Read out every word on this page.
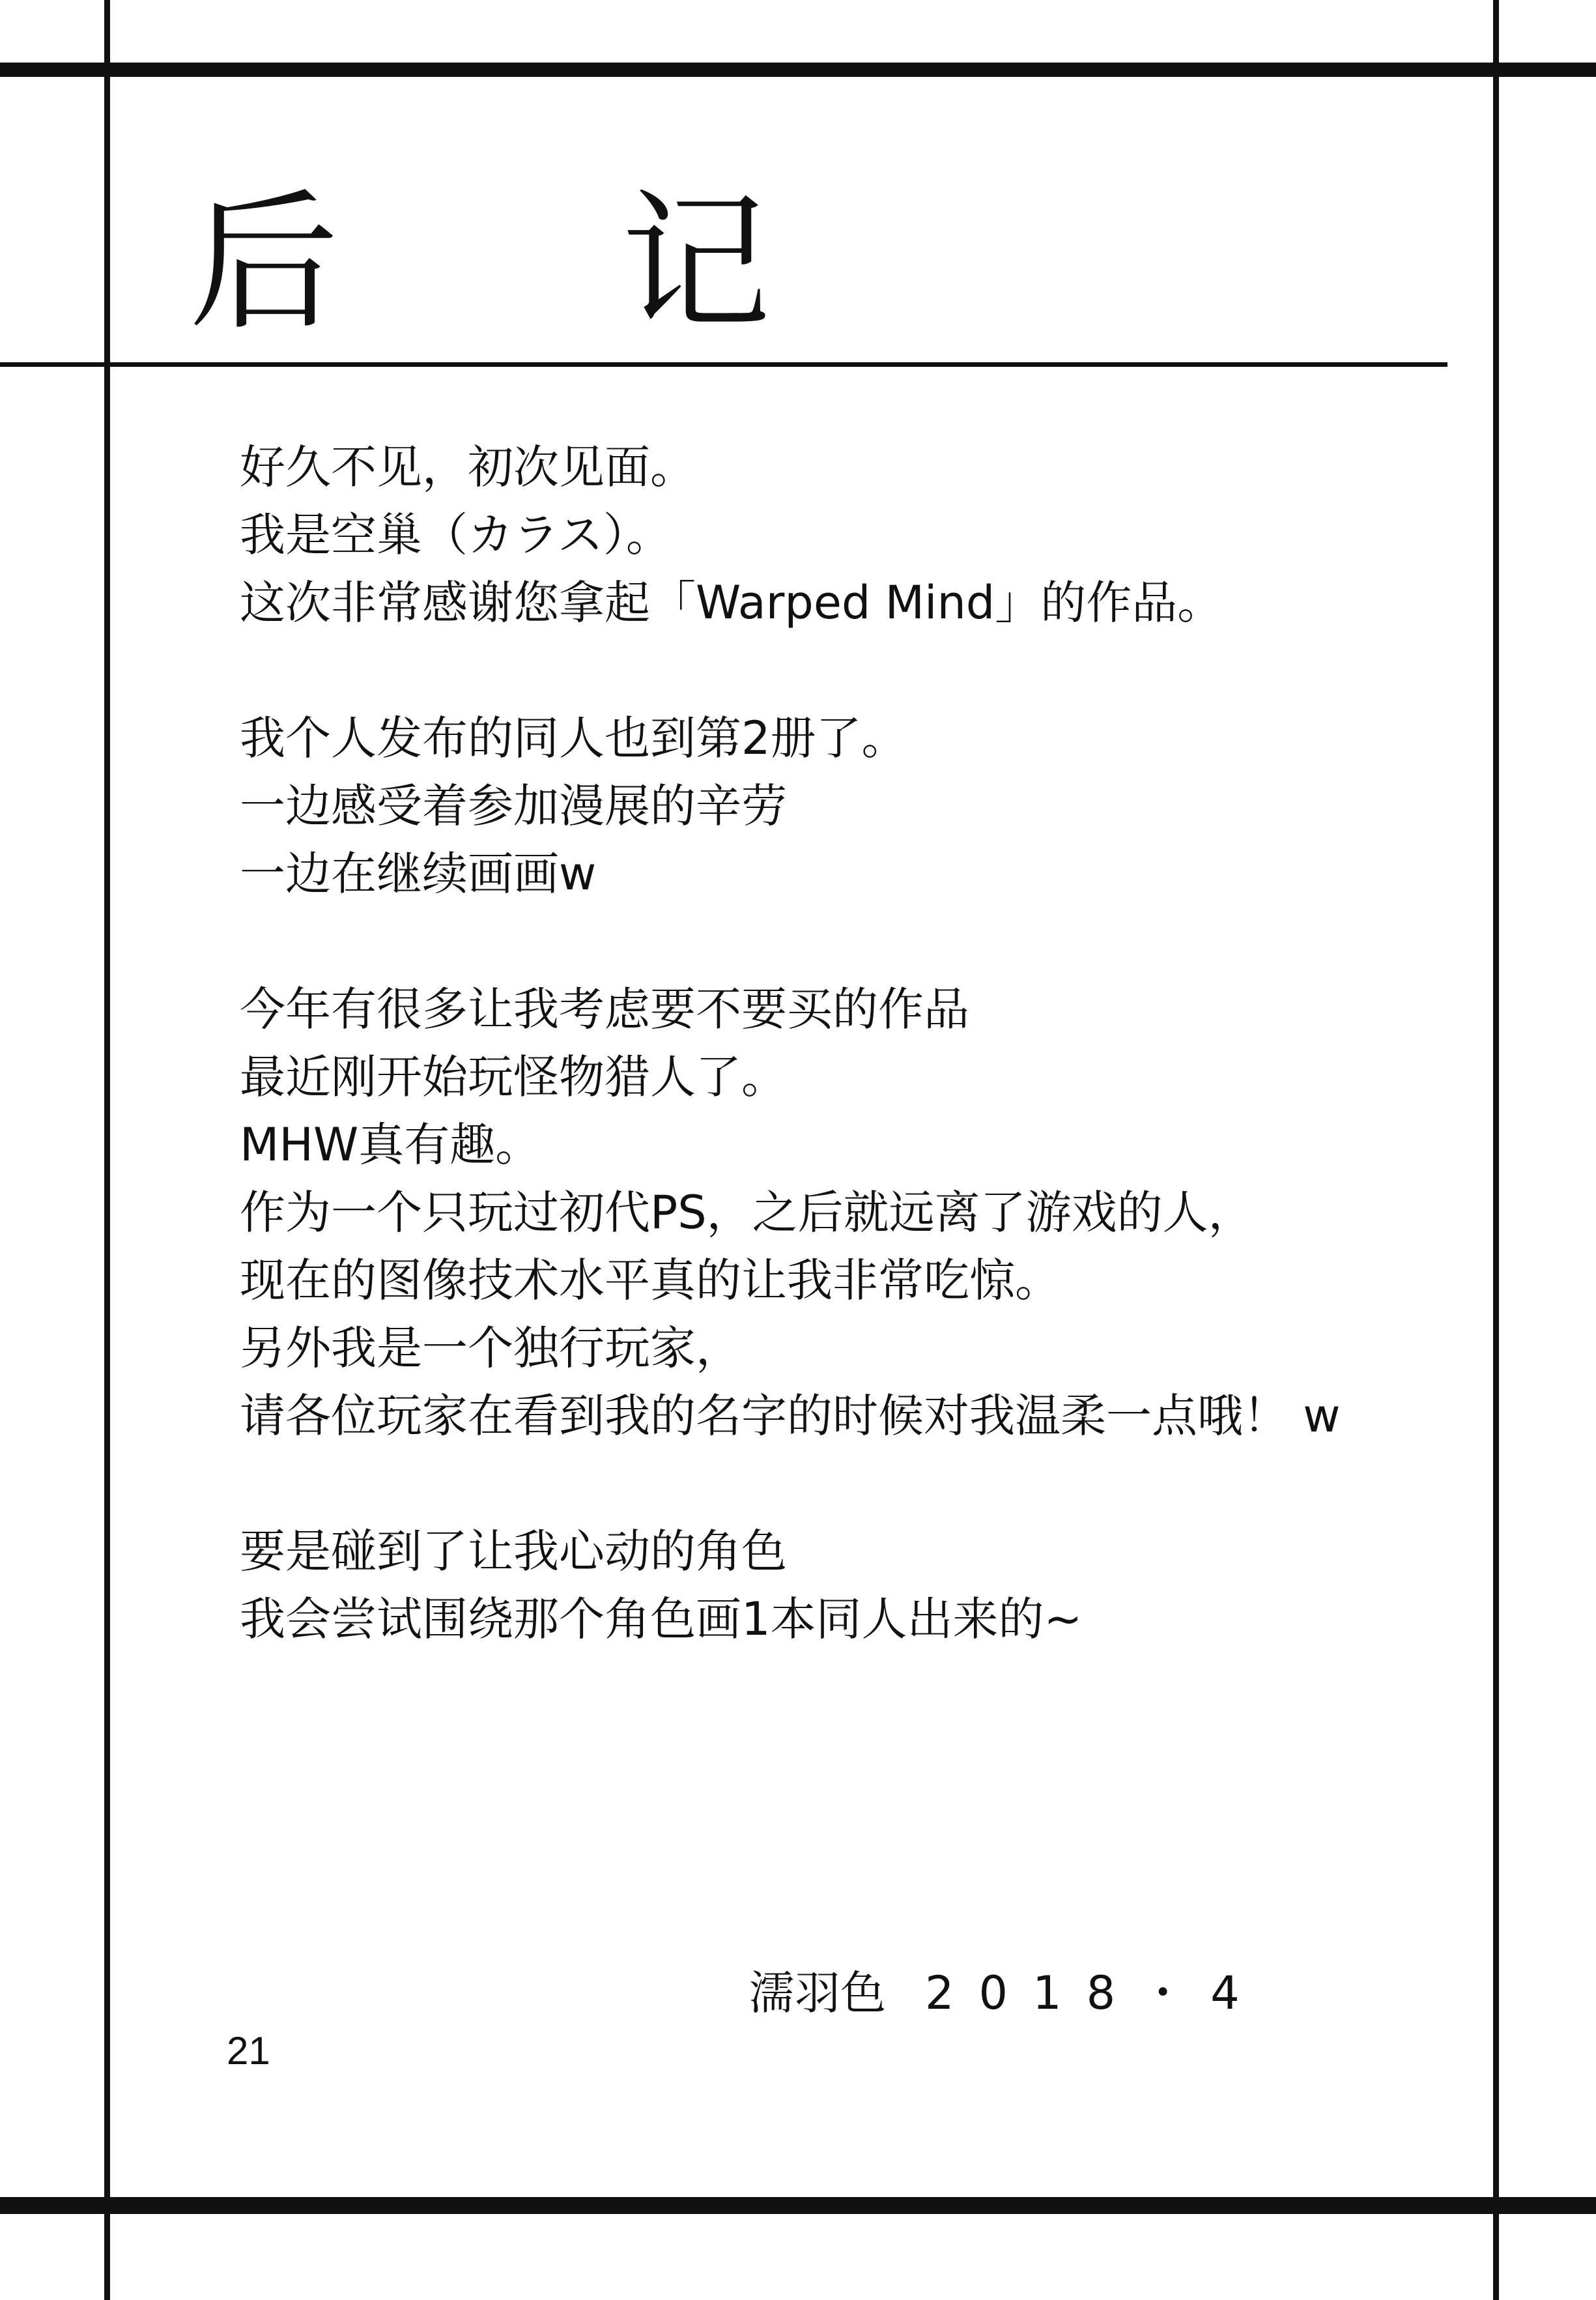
后 记
好久不见，初次见面。
我是空巢（カラス）。
这次非常感谢您拿起「Warped Mind」的作品。
我个人发布的同人也到第2册了。
一边感受着参加漫展的辛劳
一边在继续画画w
今年有很多让我考虑要不要买的作品
最近刚开始玩怪物猎人了。
MHW真有趣。
作为一个只玩过初代PS，之后就远离了游戏的人，
现在的图像技术水平真的让我非常吃惊。
另外我是一个独行玩家，
请各位玩家在看到我的名字的时候对我温柔一点哦！ w
要是碰到了让我心动的角色
我会尝试围绕那个角色画1本同人出来的~
濡羽色 2018・4
21
